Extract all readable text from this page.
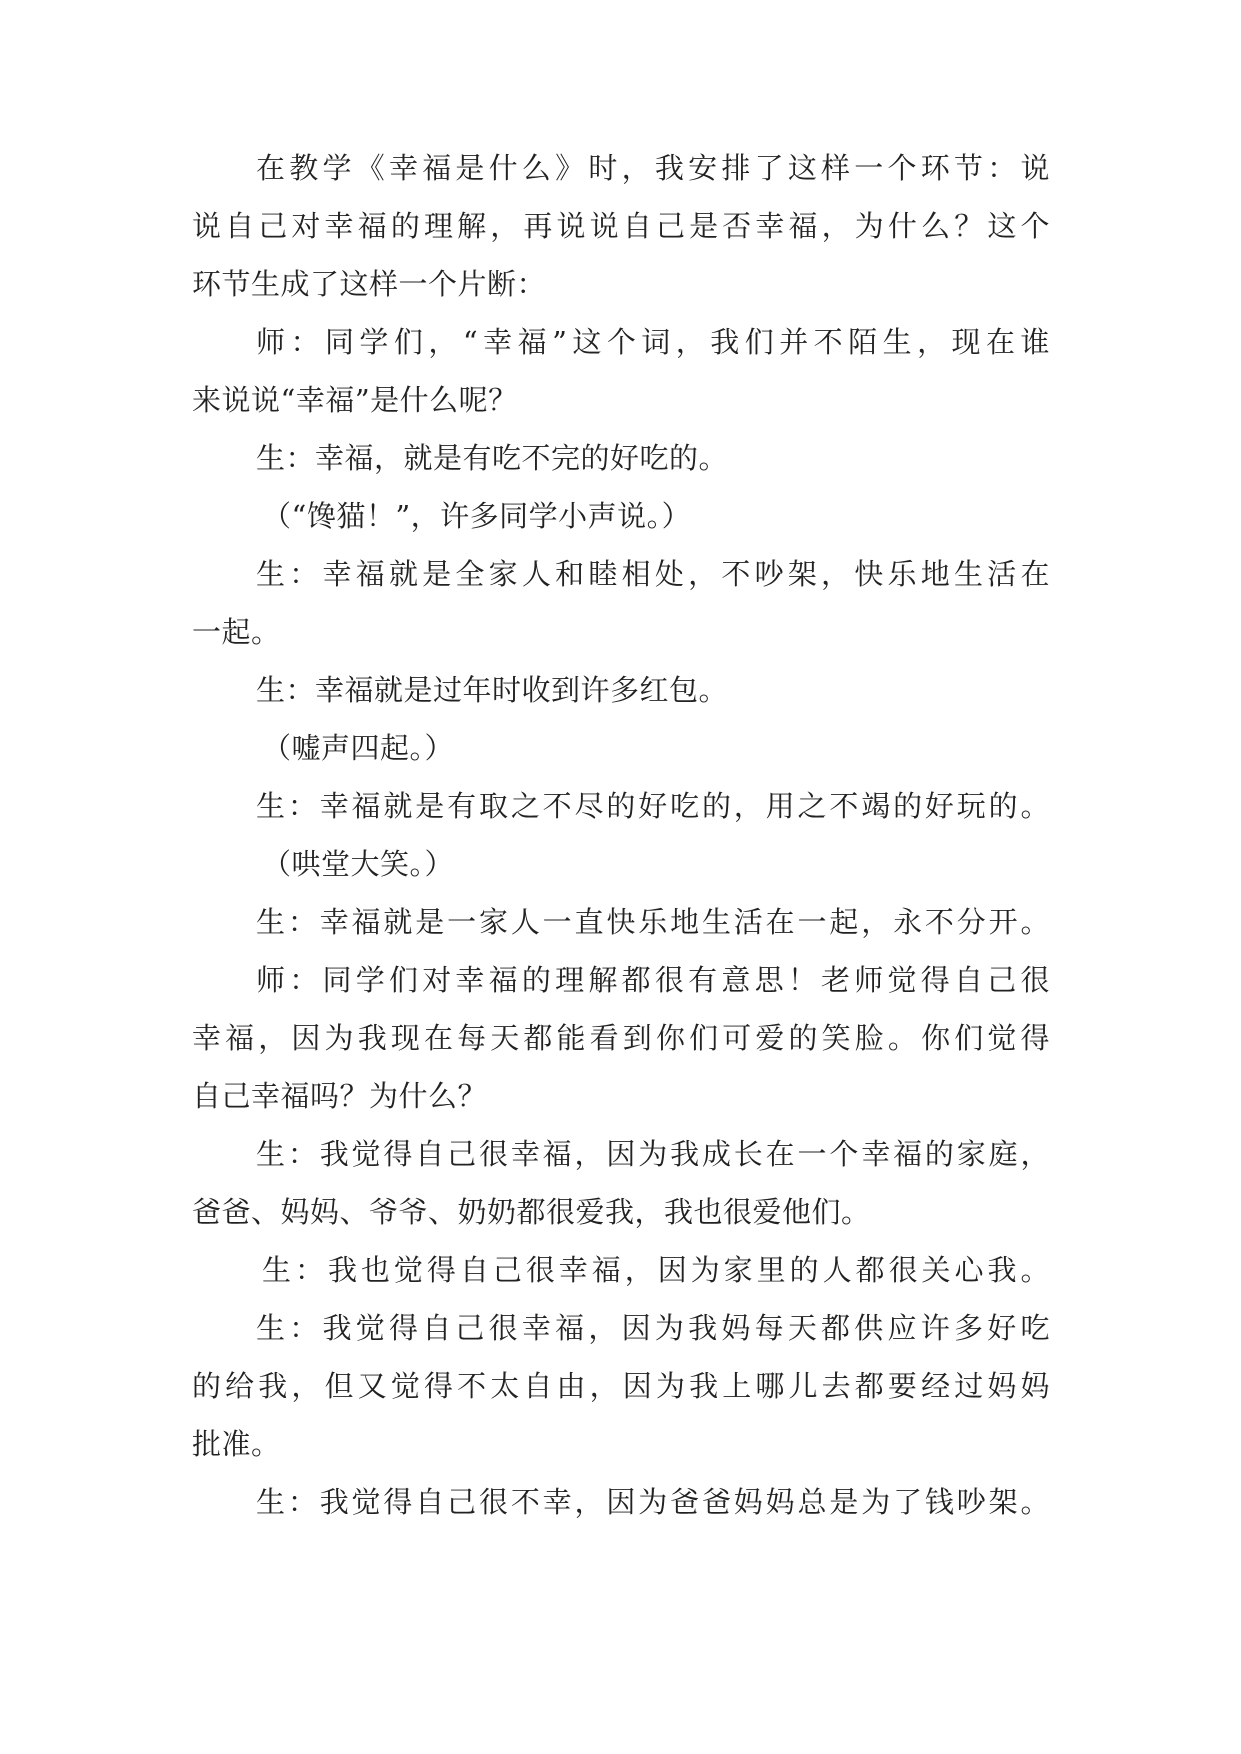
在教学《幸福是什么》时，我安排了这样一个环节：说
说自己对幸福的理解，再说说自己是否幸福，为什么？这个
环节生成了这样一个片断：
师：同学们，“幸福”这个词，我们并不陌生，现在谁
来说说“幸福”是什么呢？
生：幸福，就是有吃不完的好吃的。
（“馋猫！”，许多同学小声说。）
生：幸福就是全家人和睦相处，不吵架，快乐地生活在
一起。
生：幸福就是过年时收到许多红包。
（嘘声四起。）
生：幸福就是有取之不尽的好吃的，用之不竭的好玩的。
（哄堂大笑。）
生：幸福就是一家人一直快乐地生活在一起，永不分开。
师：同学们对幸福的理解都很有意思！老师觉得自己很
幸福，因为我现在每天都能看到你们可爱的笑脸。你们觉得
自己幸福吗？为什么？
生：我觉得自己很幸福，因为我成长在一个幸福的家庭，
爸爸、妈妈、爷爷、奶奶都很爱我，我也很爱他们。
生：我也觉得自己很幸福，因为家里的人都很关心我。
生：我觉得自己很幸福，因为我妈每天都供应许多好吃
的给我，但又觉得不太自由，因为我上哪儿去都要经过妈妈
批准。
生：我觉得自己很不幸，因为爸爸妈妈总是为了钱吵架。
